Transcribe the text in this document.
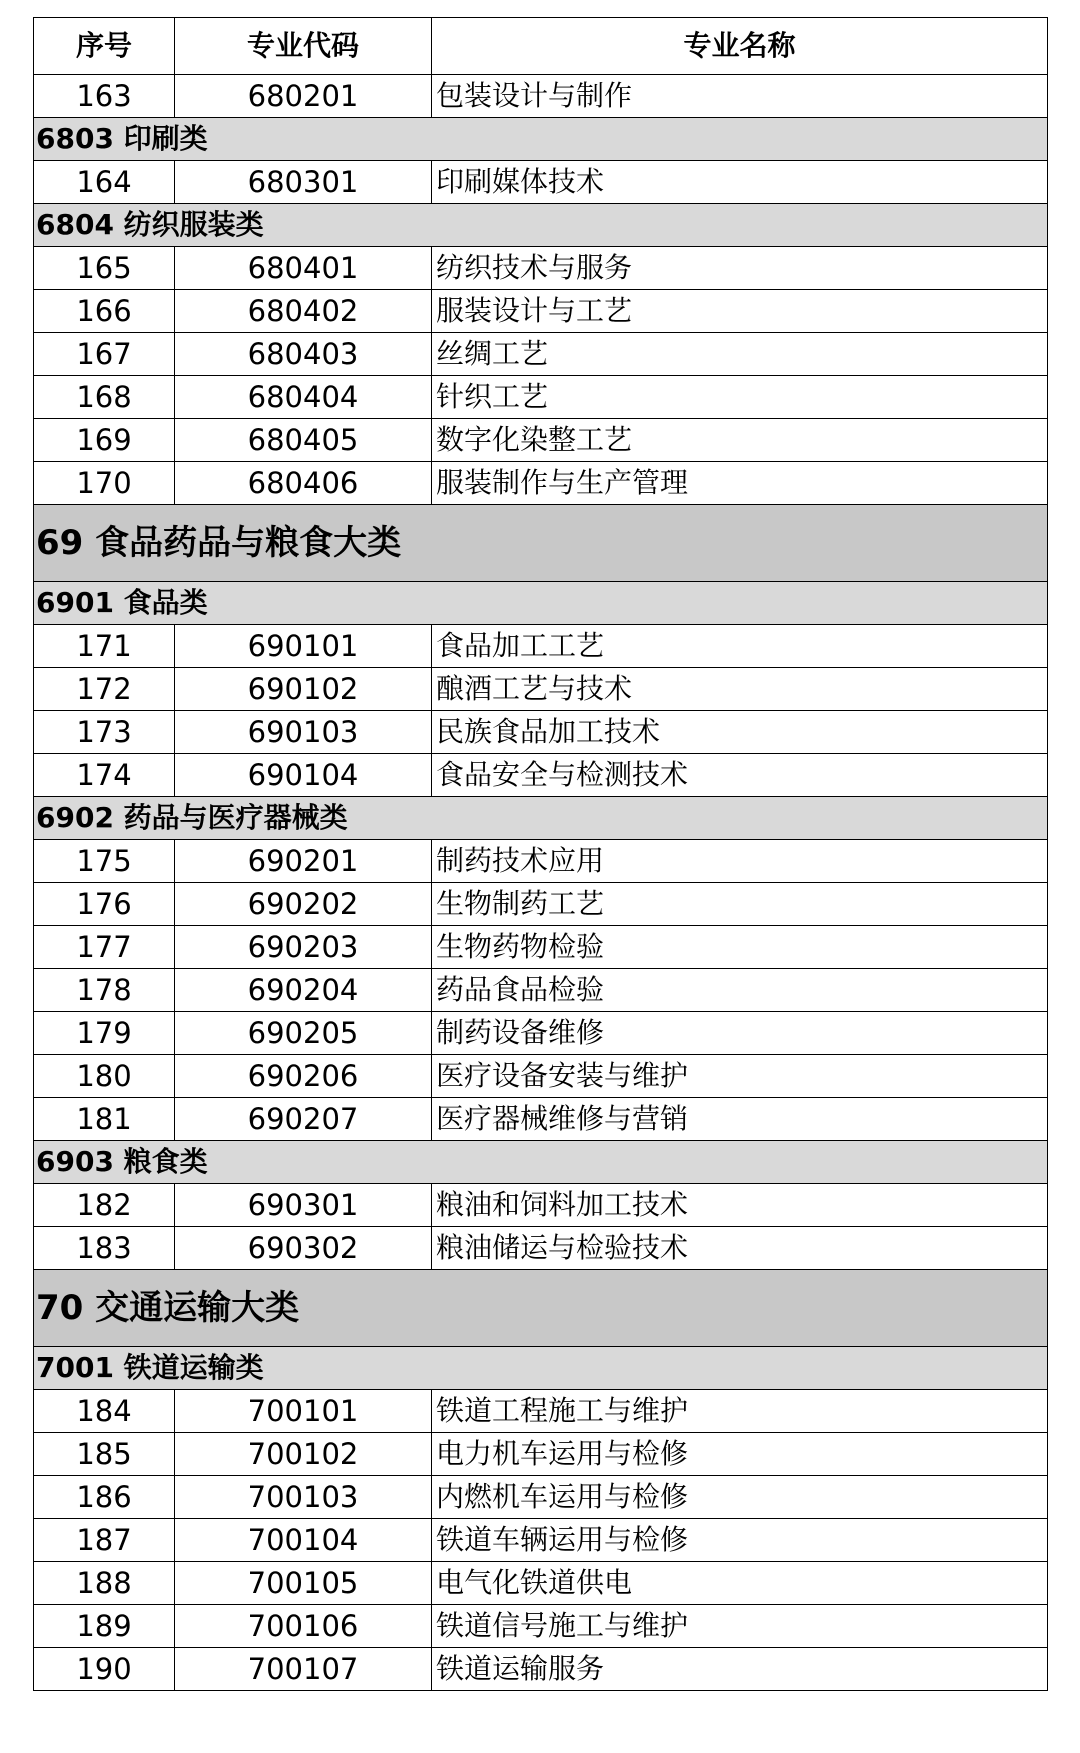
序号	专业代码	专业名称
163	680201	包装设计与制作
6803 印刷类		
164	680301	印刷媒体技术
6804 纺织服装类		
165	680401	纺织技术与服务
166	680402	服装设计与工艺
167	680403	丝绸工艺
168	680404	针织工艺
169	680405	数字化染整工艺
170	680406	服装制作与生产管理
69 食品药品与粮食大类		
6901 食品类		
171	690101	食品加工工艺
172	690102	酿酒工艺与技术
173	690103	民族食品加工技术
174	690104	食品安全与检测技术
6902 药品与医疗器械类		
175	690201	制药技术应用
176	690202	生物制药工艺
177	690203	生物药物检验
178	690204	药品食品检验
179	690205	制药设备维修
180	690206	医疗设备安装与维护
181	690207	医疗器械维修与营销
6903 粮食类		
182	690301	粮油和饲料加工技术
183	690302	粮油储运与检验技术
70 交通运输大类		
7001 铁道运输类		
184	700101	铁道工程施工与维护
185	700102	电力机车运用与检修
186	700103	内燃机车运用与检修
187	700104	铁道车辆运用与检修
188	700105	电气化铁道供电
189	700106	铁道信号施工与维护
190	700107	铁道运输服务
